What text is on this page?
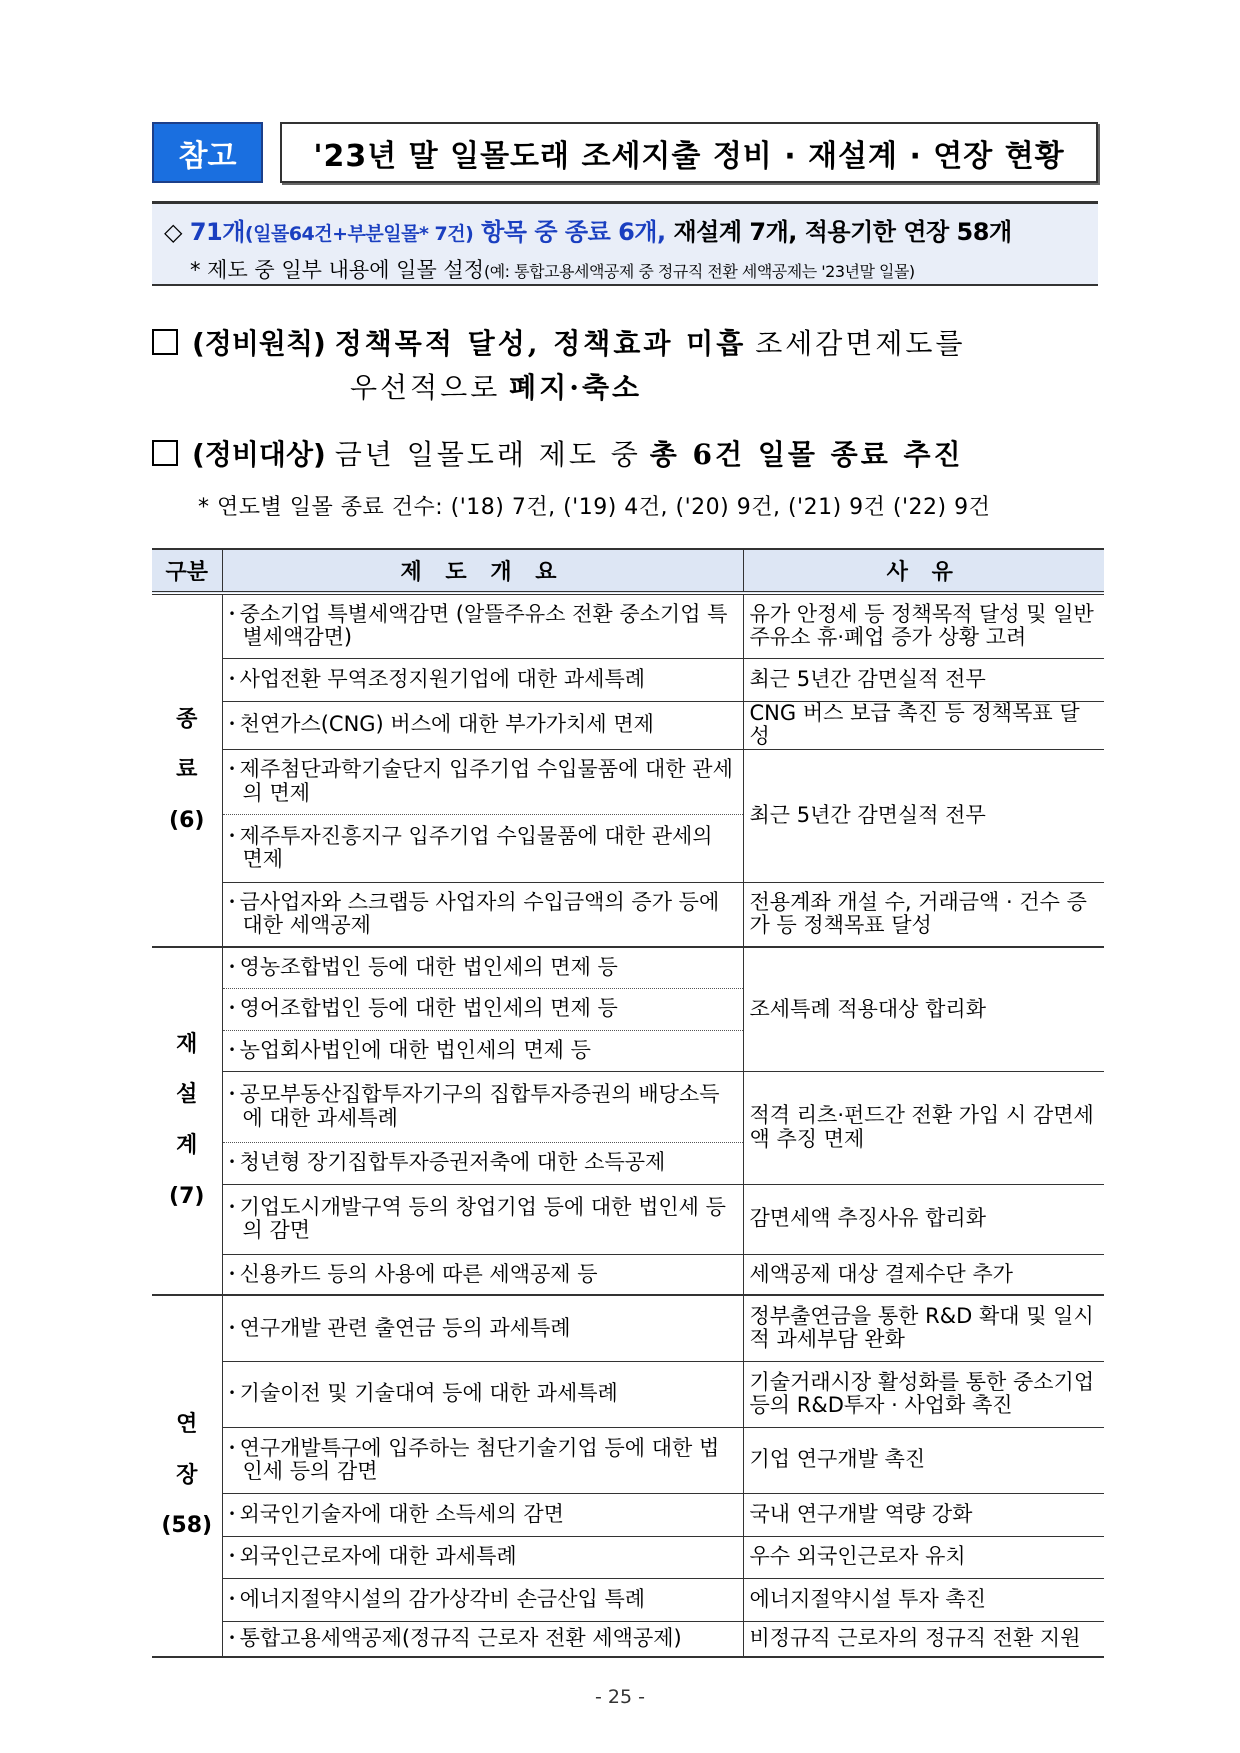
참고	'23년 말 일몰도래 조세지출 정비 · 재설계 · 연장 현황
◇ 71개(일몰64건+부분일몰* 7건) 항목 중 종료 6개, 재설계 7개, 적용기한 연장 58개
* 제도 중 일부 내용에 일몰 설정(예: 통합고용세액공제 중 정규직 전환 세액공제는 '23년말 일몰)
(정비원칙) 정책목적 달성, 정책효과 미흡 조세감면제도를
우선적으로 폐지·축소
(정비대상) 금년 일몰도래 제도 중 총 6건 일몰 종료 추진
* 연도별 일몰 종료 건수: ('18) 7건, ('19) 4건, ('20) 9건, ('21) 9건 ('22) 9건
구분	제 도 개 요	사 유

종
료
(6)	• 중소기업 특별세액감면 (알뜰주유소 전환 중소기업 특별세액감면)	유가 안정세 등 정책목적 달성 및 일반주유소 휴·폐업 증가 상황 고려
	• 사업전환 무역조정지원기업에 대한 과세특례	최근 5년간 감면실적 전무
	• 천연가스(CNG) 버스에 대한 부가가치세 면제	CNG 버스 보급 촉진 등 정책목표 달성
	• 제주첨단과학기술단지 입주기업 수입물품에 대한 관세의 면제	최근 5년간 감면실적 전무
	• 제주투자진흥지구 입주기업 수입물품에 대한 관세의 면제	
	• 금사업자와 스크랩등 사업자의 수입금액의 증가 등에 대한 세액공제	전용계좌 개설 수, 거래금액 · 건수 증가 등 정책목표 달성

재
설
계
(7)	• 영농조합법인 등에 대한 법인세의 면제 등	조세특례 적용대상 합리화
	• 영어조합법인 등에 대한 법인세의 면제 등	
	• 농업회사법인에 대한 법인세의 면제 등	
	• 공모부동산집합투자기구의 집합투자증권의 배당소득에 대한 과세특례	적격 리츠·펀드간 전환 가입 시 감면세액 추징 면제
	• 청년형 장기집합투자증권저축에 대한 소득공제	
	• 기업도시개발구역 등의 창업기업 등에 대한 법인세 등의 감면	감면세액 추징사유 합리화
	• 신용카드 등의 사용에 따른 세액공제 등	세액공제 대상 결제수단 추가

연
장
(58)	• 연구개발 관련 출연금 등의 과세특례	정부출연금을 통한 R&D 확대 및 일시적 과세부담 완화
	• 기술이전 및 기술대여 등에 대한 과세특례	기술거래시장 활성화를 통한 중소기업등의 R&D투자 · 사업화 촉진
	• 연구개발특구에 입주하는 첨단기술기업 등에 대한 법인세 등의 감면	기업 연구개발 촉진
	• 외국인기술자에 대한 소득세의 감면	국내 연구개발 역량 강화
	• 외국인근로자에 대한 과세특례	우수 외국인근로자 유치
	• 에너지절약시설의 감가상각비 손금산입 특례	에너지절약시설 투자 촉진
	• 통합고용세액공제(정규직 근로자 전환 세액공제)	비정규직 근로자의 정규직 전환 지원
- 25 -
